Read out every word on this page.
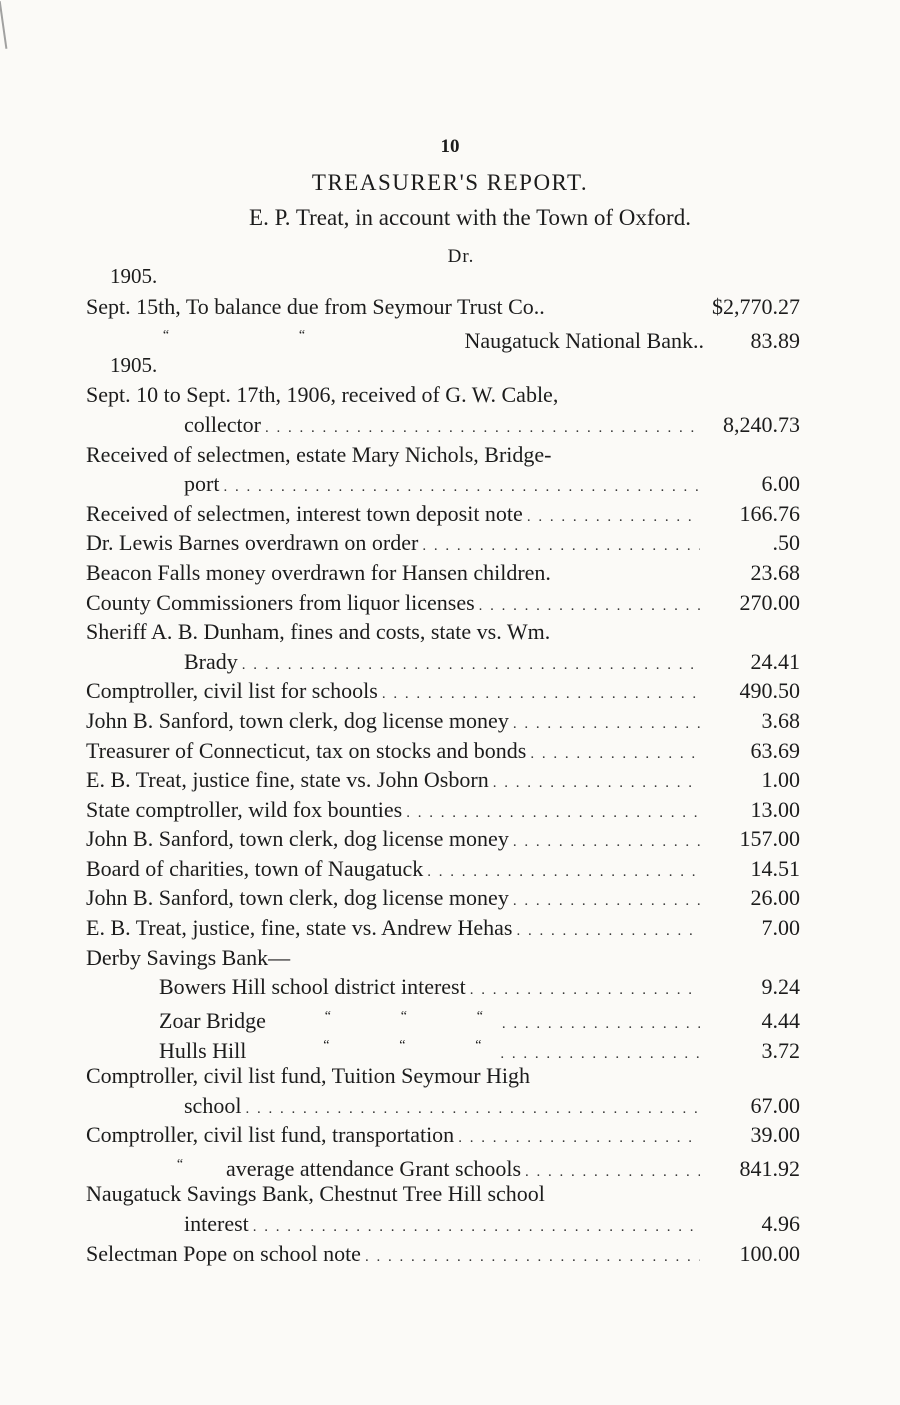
10
TREASURER'S REPORT.
E. P. Treat, in account with the Town of Oxford.
Dr.
1905.
Sept. 15th, To balance due from Seymour Trust Co..	$2,770.27
“	“	Naugatuck National Bank..	83.89
1905.
Sept. 10 to Sept. 17th, 1906, received of G. W. Cable,
collector . . .	8,240.73
Received of selectmen, estate Mary Nichols, Bridge-
port . . .	6.00
Received of selectmen, interest town deposit note . . .	166.76
Dr. Lewis Barnes overdrawn on order . . .	.50
Beacon Falls money overdrawn for Hansen children.	23.68
County Commissioners from liquor licenses . . .	270.00
Sheriff A. B. Dunham, fines and costs, state vs. Wm.
Brady . . .	24.41
Comptroller, civil list for schools . . .	490.50
John B. Sanford, town clerk, dog license money . . .	3.68
Treasurer of Connecticut, tax on stocks and bonds . . .	63.69
E. B. Treat, justice fine, state vs. John Osborn . . .	1.00
State comptroller, wild fox bounties . . .	13.00
John B. Sanford, town clerk, dog license money . . .	157.00
Board of charities, town of Naugatuck . . .	14.51
John B. Sanford, town clerk, dog license money . . .	26.00
E. B. Treat, justice, fine, state vs. Andrew Hehas . . .	7.00
Derby Savings Bank—
Bowers Hill school district interest . . .	9.24
Zoar Bridge	“	“	“ . . .	4.44
Hulls Hill	“	“	“ . . .	3.72
Comptroller, civil list fund, Tuition Seymour High
school . . .	67.00
Comptroller, civil list fund, transportation . . .	39.00
“	average attendance Grant schools . . .	841.92
Naugatuck Savings Bank, Chestnut Tree Hill school
interest . . .	4.96
Selectman Pope on school note . . .	100.00
